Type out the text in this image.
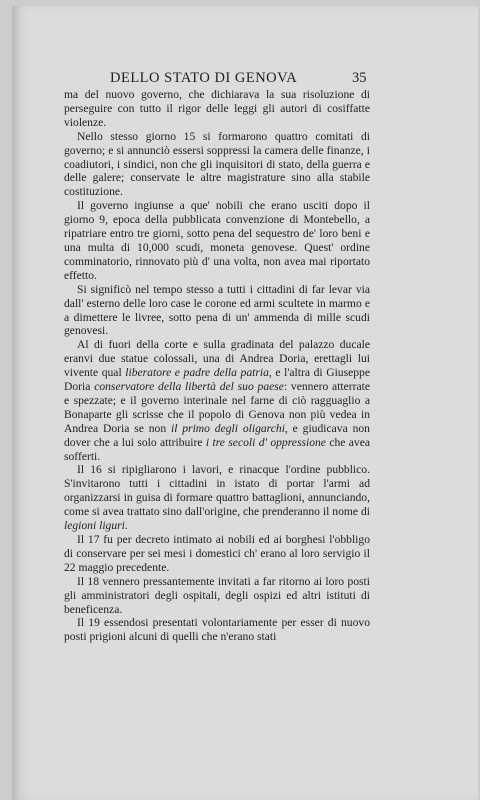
DELLO STATO DI GENOVA	35

ma del nuovo governo, che dichiarava la sua risoluzione di perseguire con tutto il rigor delle leggi gli autori di cosiffatte violenze.

Nello stesso giorno 15 si formarono quattro comitati di governo; e si annunciò essersi soppressi la camera delle finanze, i coadiutori, i sindici, non che gli inquisitori di stato, della guerra e delle galere; conservate le altre magistrature sino alla stabile costituzione.

Il governo ingiunse a que' nobili che erano usciti dopo il giorno 9, epoca della pubblicata convenzione di Montebello, a ripatriare entro tre giorni, sotto pena del sequestro de' loro beni e una multa di 10,000 scudi, moneta genovese. Quest' ordine comminatorio, rinnovato più d' una volta, non avea mai riportato effetto.

Si significò nel tempo stesso a tutti i cittadini di far levar via dall' esterno delle loro case le corone ed armi scultete in marmo e a dimettere le livree, sotto pena di un' ammenda di mille scudi genovesi.

Al di fuori della corte e sulla gradinata del palazzo ducale eranvi due statue colossali, una di Andrea Doria, erettagli lui vivente qual liberatore e padre della patria, e l'altra di Giuseppe Doria conservatore della libertà del suo paese: vennero atterrate e spezzate; e il governo interinale nel farne di ciò ragguaglio a Bonaparte gli scrisse che il popolo di Genova non più vedea in Andrea Doria se non il primo degli oligarchi, e giudicava non dover che a lui solo attribuire i tre secoli d' oppressione che avea sofferti.

Il 16 si ripigliarono i lavori, e rinacque l'ordine pubblico. S'invitarono tutti i cittadini in istato di portar l'armi ad organizzarsi in guisa di formare quattro battaglioni, annunciando, come si avea trattato sino dall'origine, che prenderanno il nome di legioni liguri.

Il 17 fu per decreto intimato ai nobili ed ai borghesi l'obbligo di conservare per sei mesi i domestici ch' erano al loro servigio il 22 maggio precedente.

Il 18 vennero pressantemente invitati a far ritorno ai loro posti gli amministratori degli ospitali, degli ospizi ed altri istituti di beneficenza.

Il 19 essendosi presentati volontariamente per esser di nuovo posti prigioni alcuni di quelli che n'erano stati
